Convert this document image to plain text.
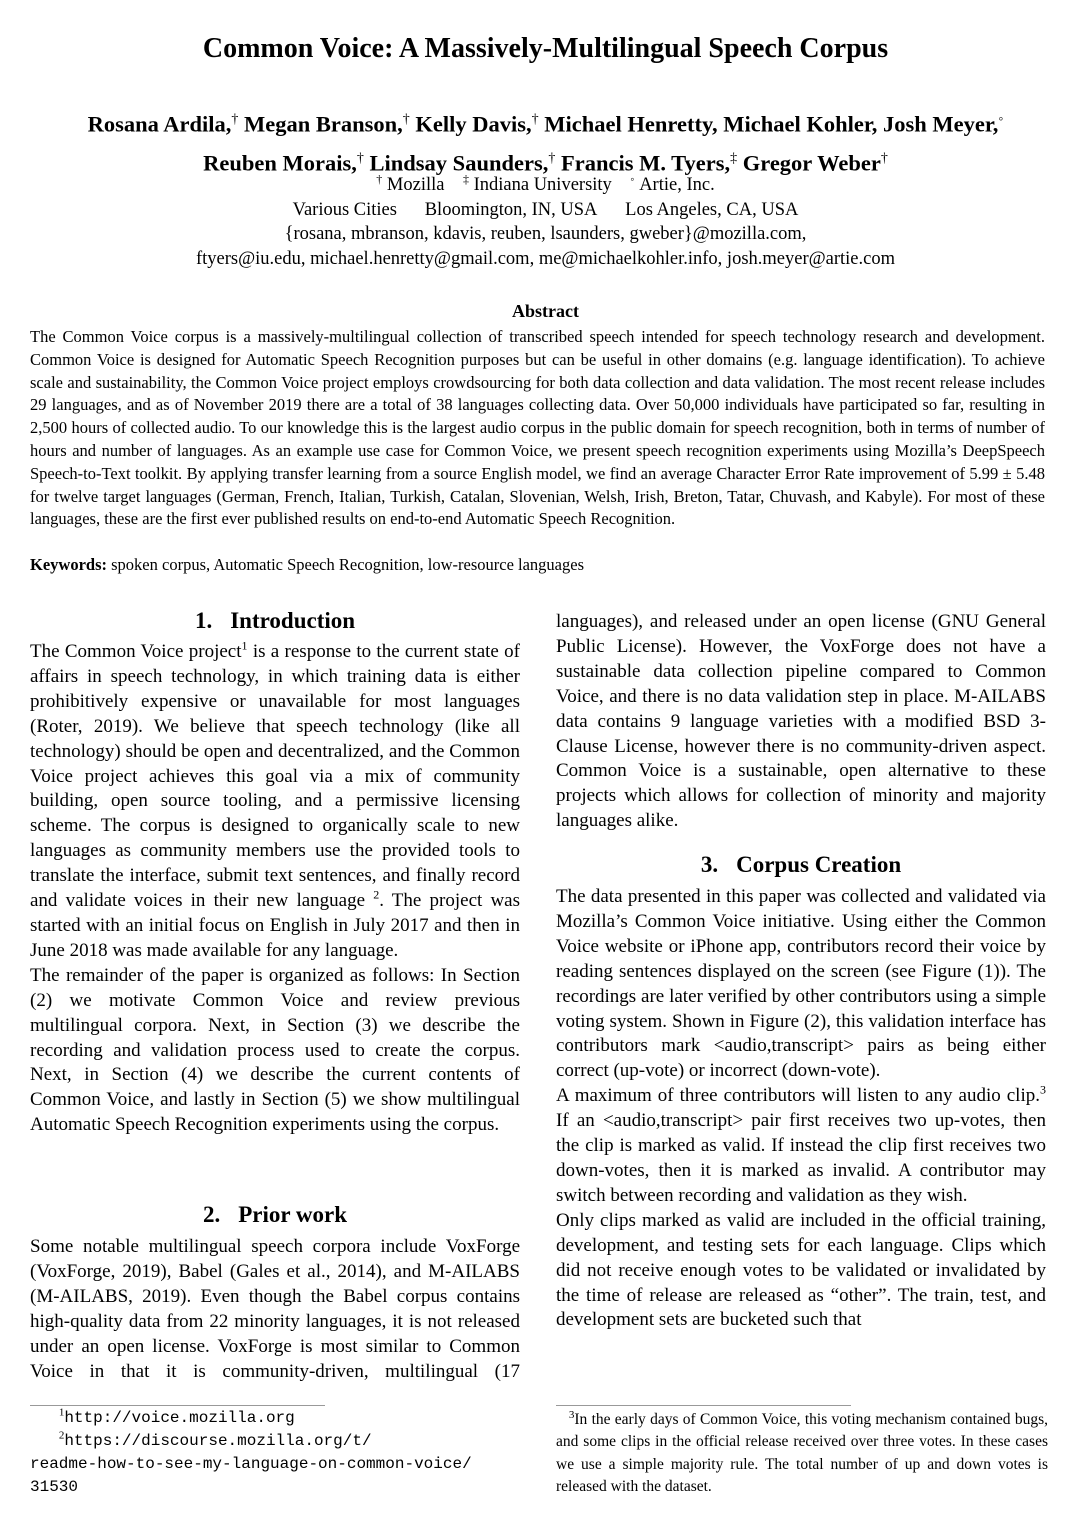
Common Voice: A Massively-Multilingual Speech Corpus
Rosana Ardila,† Megan Branson,† Kelly Davis,† Michael Henretty, Michael Kohler, Josh Meyer,◦
Reuben Morais,† Lindsay Saunders,† Francis M. Tyers,‡ Gregor Weber†
† Mozilla ‡ Indiana University ◦ Artie, Inc.
Various Cities Bloomington, IN, USA Los Angeles, CA, USA
{rosana, mbranson, kdavis, reuben, lsaunders, gweber}@mozilla.com,
ftyers@iu.edu, michael.henretty@gmail.com, me@michaelkohler.info, josh.meyer@artie.com
Abstract
The Common Voice corpus is a massively-multilingual collection of transcribed speech intended for speech technology research and development. Common Voice is designed for Automatic Speech Recognition purposes but can be useful in other domains (e.g. language identification). To achieve scale and sustainability, the Common Voice project employs crowdsourcing for both data collection and data validation. The most recent release includes 29 languages, and as of November 2019 there are a total of 38 languages collecting data. Over 50,000 individuals have participated so far, resulting in 2,500 hours of collected audio. To our knowledge this is the largest audio corpus in the public domain for speech recognition, both in terms of number of hours and number of languages. As an example use case for Common Voice, we present speech recognition experiments using Mozilla’s DeepSpeech Speech-to-Text toolkit. By applying transfer learning from a source English model, we find an average Character Error Rate improvement of 5.99 ± 5.48 for twelve target languages (German, French, Italian, Turkish, Catalan, Slovenian, Welsh, Irish, Breton, Tatar, Chuvash, and Kabyle). For most of these languages, these are the first ever published results on end-to-end Automatic Speech Recognition.
Keywords: spoken corpus, Automatic Speech Recognition, low-resource languages
1. Introduction

The Common Voice project$^1$ is a response to the current state of affairs in speech technology, in which training data is either prohibitively expensive or unavailable for most languages (Roter, 2019). We believe that speech technology (like all technology) should be open and decentralized, and the Common Voice project achieves this goal via a mix of community building, open source tooling, and a permissive licensing scheme. The corpus is designed to organically scale to new languages as community members use the provided tools to translate the interface, submit text sentences, and finally record and validate voices in their new language $^2$. The project was started with an initial focus on English in July 2017 and then in June 2018 was made available for any language.

The remainder of the paper is organized as follows: In Section (2) we motivate Common Voice and review previous multilingual corpora. Next, in Section (3) we describe the recording and validation process used to create the corpus. Next, in Section (4) we describe the current contents of Common Voice, and lastly in Section (5) we show multilingual Automatic Speech Recognition experiments using the corpus.

2. Prior work

Some notable multilingual speech corpora include VoxForge (VoxForge, 2019), Babel (Gales et al., 2014), and M-AILABS (M-AILABS, 2019). Even though the Babel corpus contains high-quality data from 22 minority languages, it is not released under an open license. VoxForge is most similar to Common Voice in that it is community-driven, multilingual (17

languages), and released under an open license (GNU General Public License). However, the VoxForge does not have a sustainable data collection pipeline compared to Common Voice, and there is no data validation step in place. M-AILABS data contains 9 language varieties with a modified BSD 3-Clause License, however there is no community-driven aspect. Common Voice is a sustainable, open alternative to these projects which allows for collection of minority and majority languages alike.

3. Corpus Creation

The data presented in this paper was collected and validated via Mozilla’s Common Voice initiative. Using either the Common Voice website or iPhone app, contributors record their voice by reading sentences displayed on the screen (see Figure (1)). The recordings are later verified by other contributors using a simple voting system. Shown in Figure (2), this validation interface has contributors mark <audio,transcript> pairs as being either correct (up-vote) or incorrect (down-vote).

A maximum of three contributors will listen to any audio clip.$^3$ If an <audio,transcript> pair first receives two up-votes, then the clip is marked as valid. If instead the clip first receives two down-votes, then it is marked as invalid. A contributor may switch between recording and validation as they wish.

Only clips marked as valid are included in the official training, development, and testing sets for each language. Clips which did not receive enough votes to be validated or invalidated by the time of release are released as “other”. The train, test, and development sets are bucketed such that

$^1$http://voice.mozilla.org
$^2$https://discourse.mozilla.org/t/
readme-how-to-see-my-language-on-common-voice/
31530
$^3$In the early days of Common Voice, this voting mechanism contained bugs, and some clips in the official release received over three votes. In these cases we use a simple majority rule. The total number of up and down votes is released with the dataset.
